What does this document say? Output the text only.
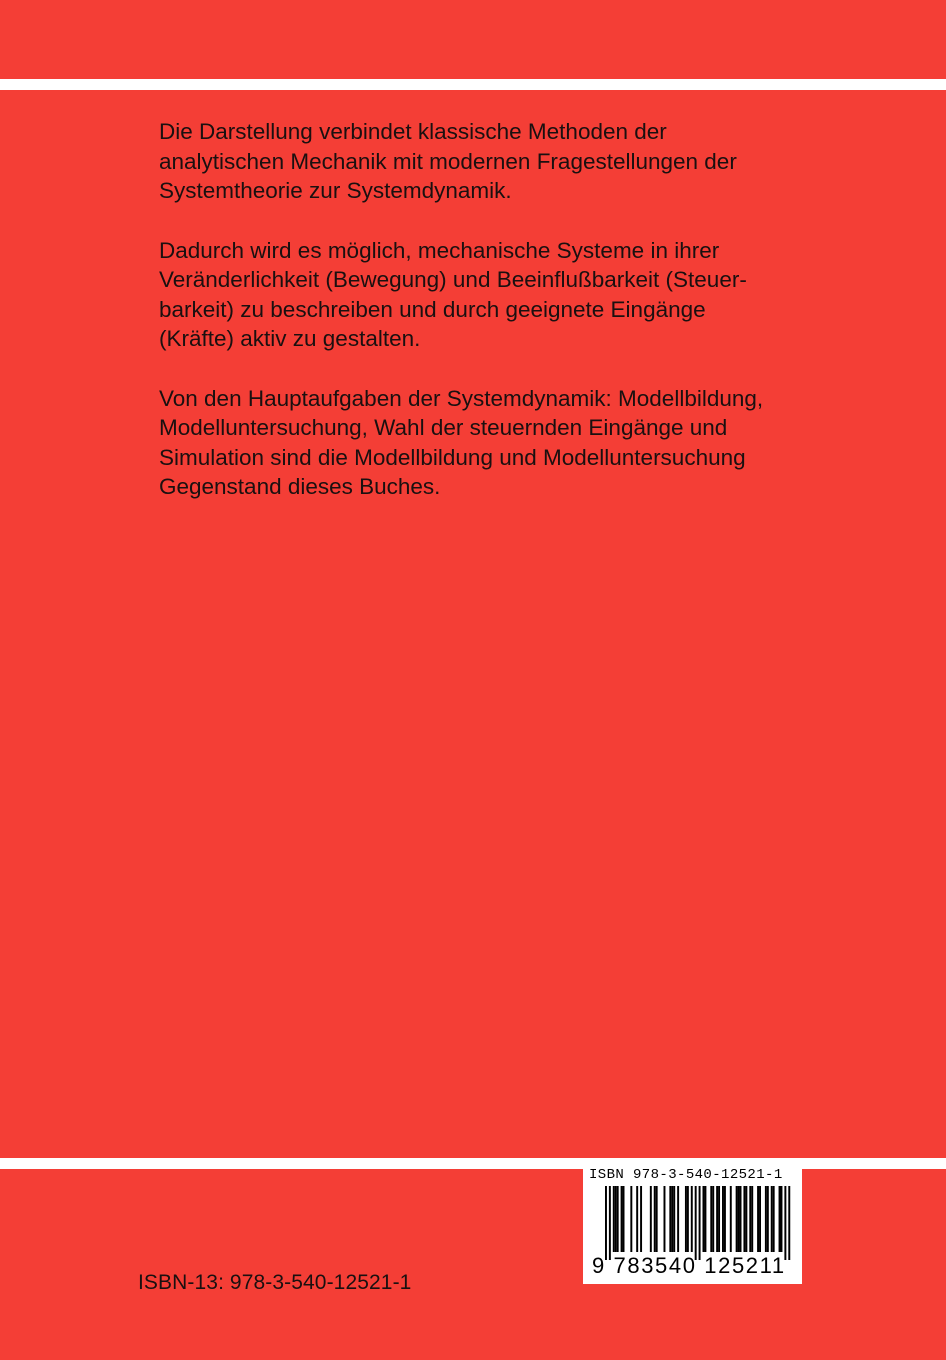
Die Darstellung verbindet klassische Methoden der
analytischen Mechanik mit modernen Fragestellungen der
Systemtheorie zur Systemdynamik.

Dadurch wird es möglich, mechanische Systeme in ihrer
Veränderlichkeit (Bewegung) und Beeinflußbarkeit (Steuer-
barkeit) zu beschreiben und durch geeignete Eingänge
(Kräfte) aktiv zu gestalten.

Von den Hauptaufgaben der Systemdynamik: Modellbildung,
Modelluntersuchung, Wahl der steuernden Eingänge und
Simulation sind die Modellbildung und Modelluntersuchung
Gegenstand dieses Buches.

ISBN-13: 978-3-540-12521-1
ISBN 978-3-540-12521-1
9 783540 125211
